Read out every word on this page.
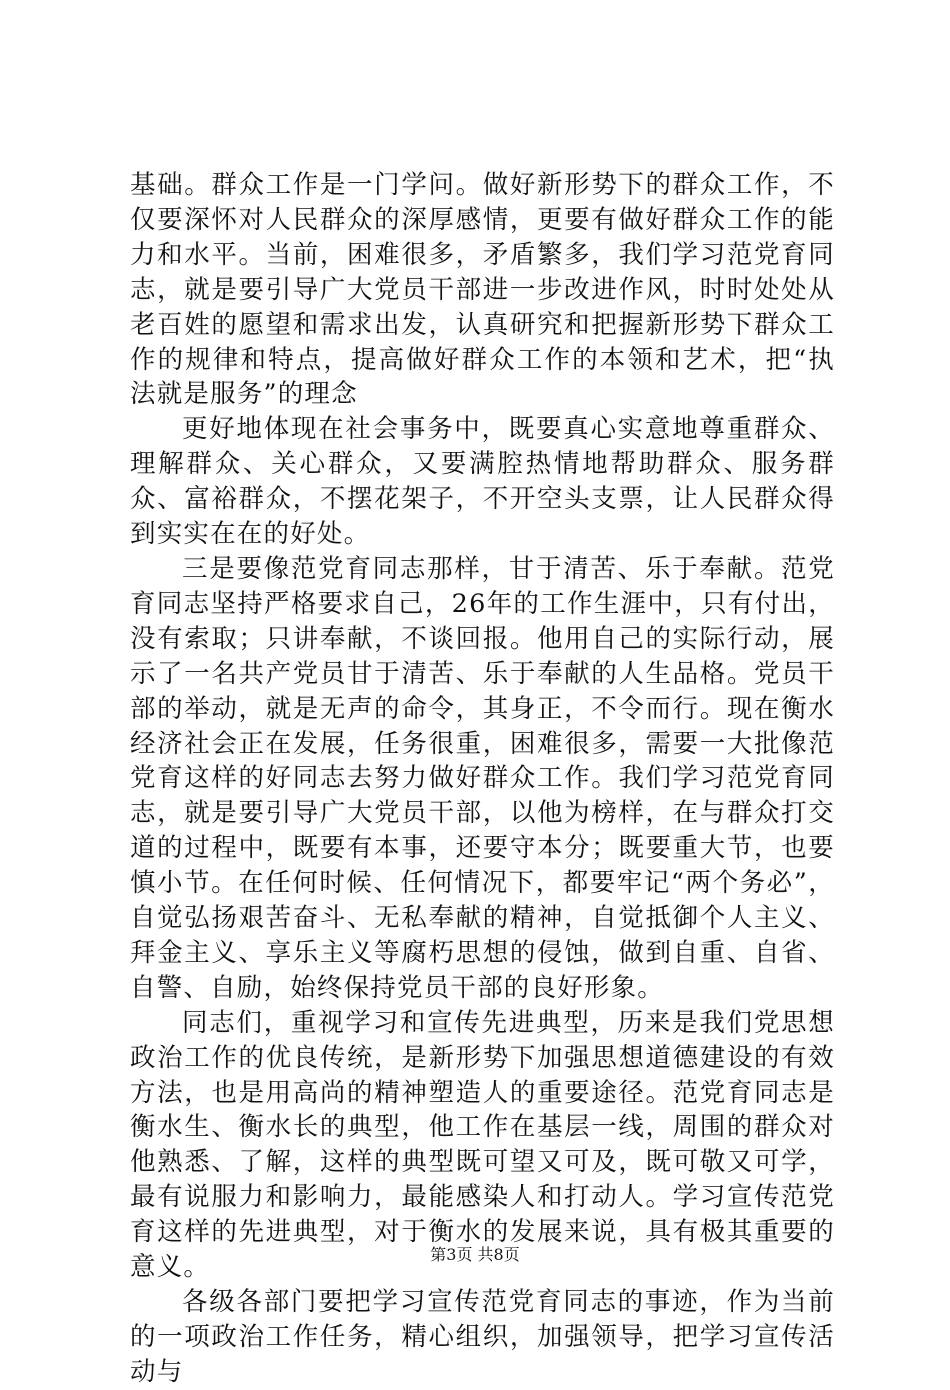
基础。群众工作是一门学问。做好新形势下的群众工作，不仅要深怀对人民群众的深厚感情，更要有做好群众工作的能力和水平。当前，困难很多，矛盾繁多，我们学习范党育同志，就是要引导广大党员干部进一步改进作风，时时处处从老百姓的愿望和需求出发，认真研究和把握新形势下群众工作的规律和特点，提高做好群众工作的本领和艺术，把“执法就是服务”的理念

更好地体现在社会事务中，既要真心实意地尊重群众、理解群众、关心群众，又要满腔热情地帮助群众、服务群众、富裕群众，不摆花架子，不开空头支票，让人民群众得到实实在在的好处。

三是要像范党育同志那样，甘于清苦、乐于奉献。范党育同志坚持严格要求自己，26年的工作生涯中，只有付出，没有索取；只讲奉献，不谈回报。他用自己的实际行动，展示了一名共产党员甘于清苦、乐于奉献的人生品格。党员干部的举动，就是无声的命令，其身正，不令而行。现在衡水经济社会正在发展，任务很重，困难很多，需要一大批像范党育这样的好同志去努力做好群众工作。我们学习范党育同志，就是要引导广大党员干部，以他为榜样，在与群众打交道的过程中，既要有本事，还要守本分；既要重大节，也要慎小节。在任何时候、任何情况下，都要牢记“两个务必”，自觉弘扬艰苦奋斗、无私奉献的精神，自觉抵御个人主义、拜金主义、享乐主义等腐朽思想的侵蚀，做到自重、自省、自警、自励，始终保持党员干部的良好形象。

同志们，重视学习和宣传先进典型，历来是我们党思想政治工作的优良传统，是新形势下加强思想道德建设的有效方法，也是用高尚的精神塑造人的重要途径。范党育同志是衡水生、衡水长的典型，他工作在基层一线，周围的群众对他熟悉、了解，这样的典型既可望又可及，既可敬又可学，最有说服力和影响力，最能感染人和打动人。学习宣传范党育这样的先进典型，对于衡水的发展来说，具有极其重要的意义。

各级各部门要把学习宣传范党育同志的事迹，作为当前的一项政治工作任务，精心组织，加强领导，把学习宣传活动与

第3页 共8页
